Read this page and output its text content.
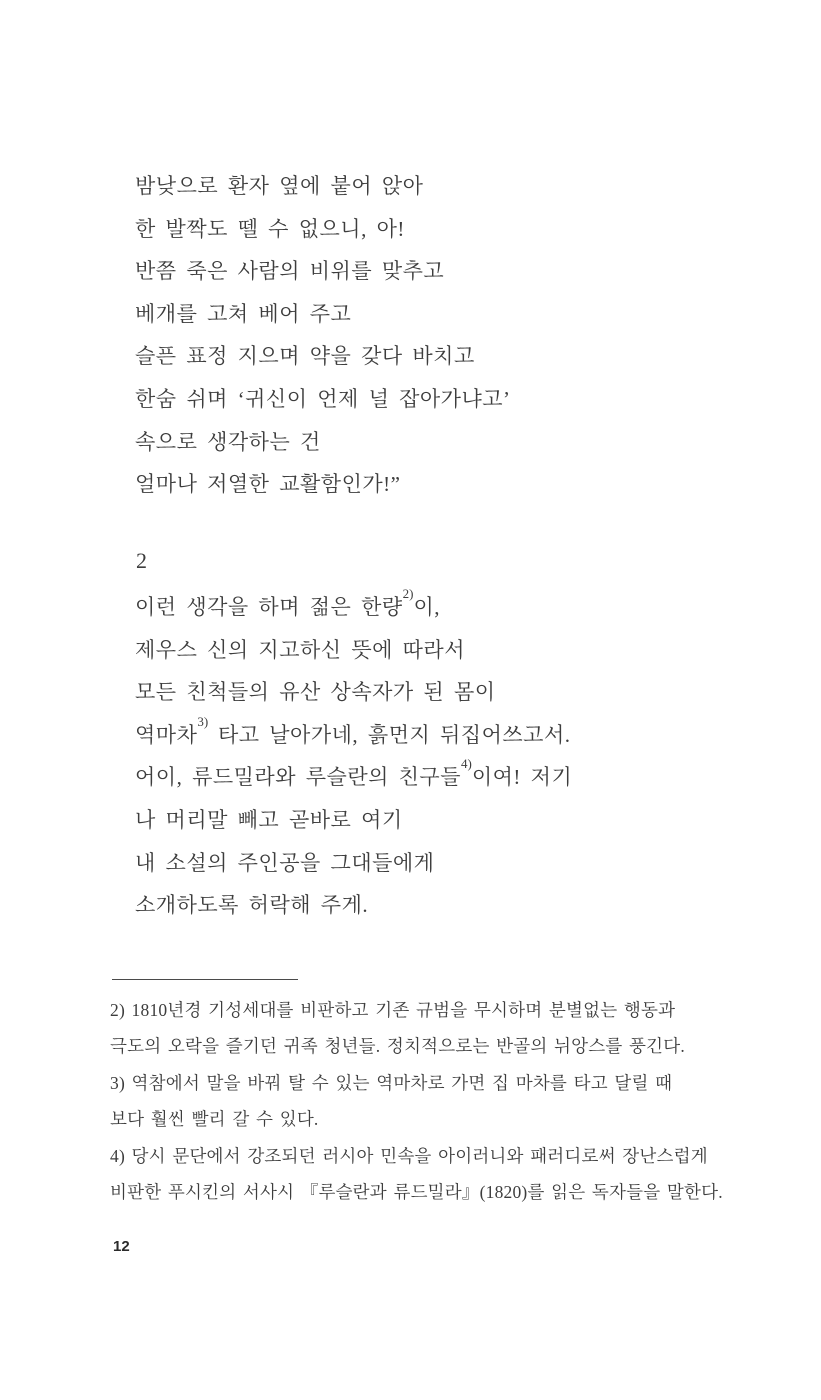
밤낮으로 환자 옆에 붙어 앉아
한 발짝도 뗄 수 없으니, 아!
반쯤 죽은 사람의 비위를 맞추고
베개를 고쳐 베어 주고
슬픈 표정 지으며 약을 갖다 바치고
한숨 쉬며 ‘귀신이 언제 널 잡아가냐고’
속으로 생각하는 건
얼마나 저열한 교활함인가!”
2
이런 생각을 하며 젊은 한량$^{2)}$이,
제우스 신의 지고하신 뜻에 따라서
모든 친척들의 유산 상속자가 된 몸이
역마차$^{3)}$ 타고 날아가네, 흙먼지 뒤집어쓰고서.
어이, 류드밀라와 루슬란의 친구들$^{4)}$이여! 저기
나 머리말 빼고 곧바로 여기
내 소설의 주인공을 그대들에게
소개하도록 허락해 주게.
2) 1810년경 기성세대를 비판하고 기존 규범을 무시하며 분별없는 행동과
극도의 오락을 즐기던 귀족 청년들. 정치적으로는 반골의 뉘앙스를 풍긴다.
3) 역참에서 말을 바꿔 탈 수 있는 역마차로 가면 집 마차를 타고 달릴 때
보다 훨씬 빨리 갈 수 있다.
4) 당시 문단에서 강조되던 러시아 민속을 아이러니와 패러디로써 장난스럽게
비판한 푸시킨의 서사시 『루슬란과 류드밀라』(1820)를 읽은 독자들을 말한다.
12
